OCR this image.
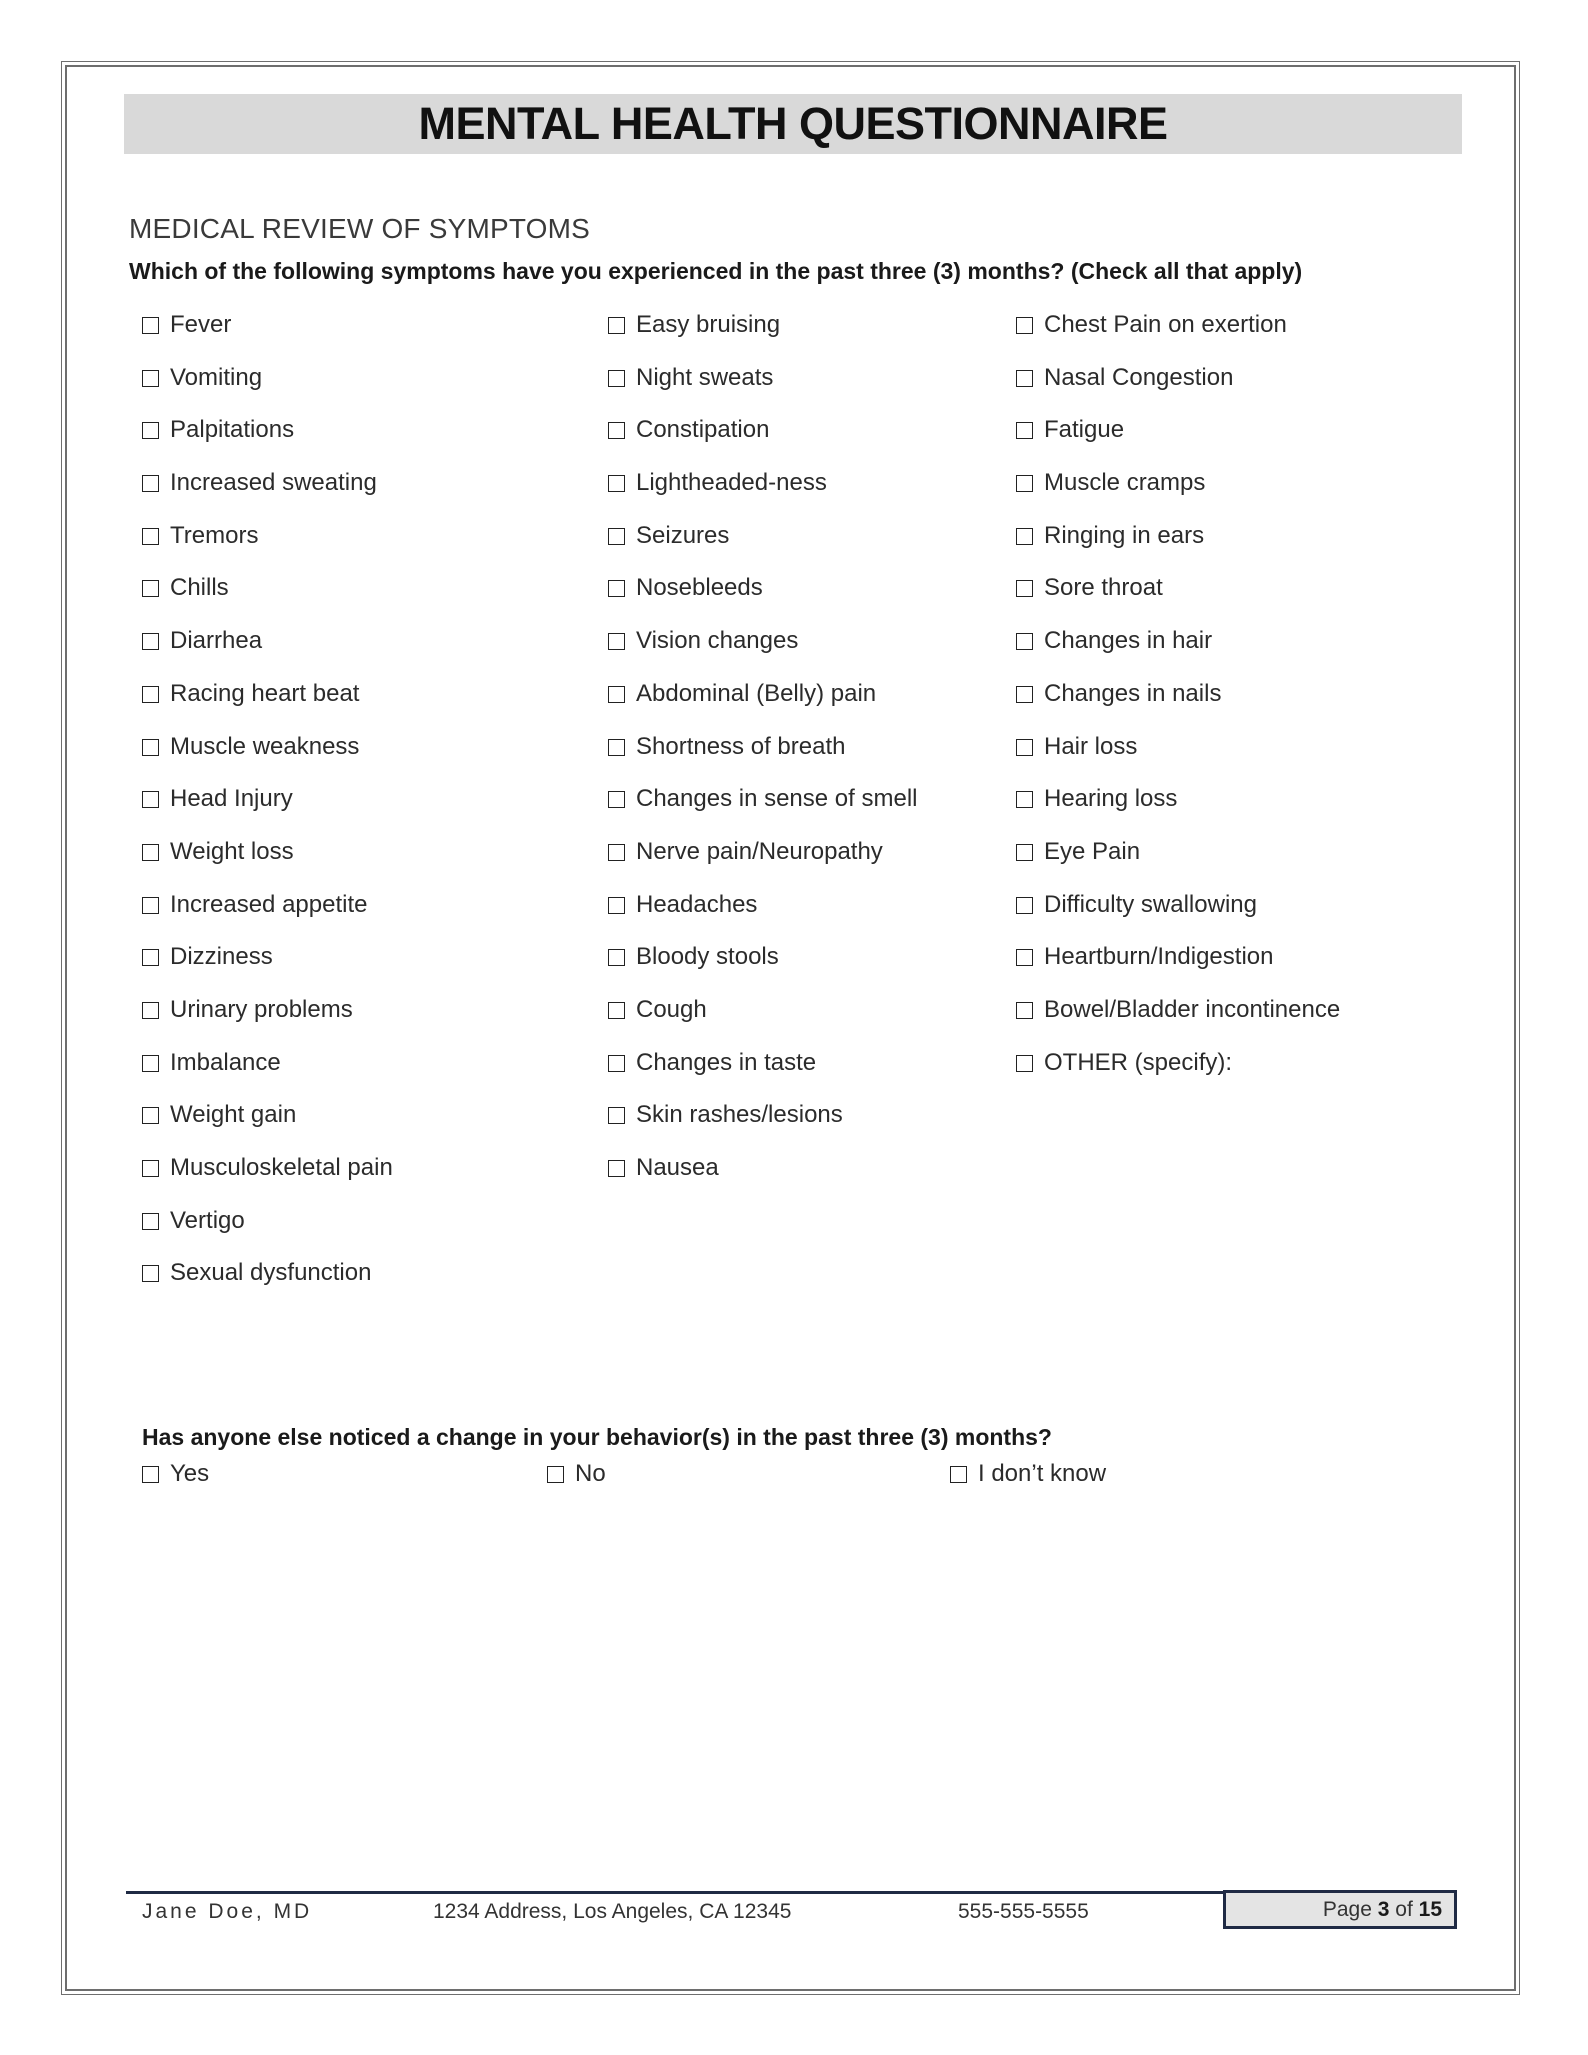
MENTAL HEALTH QUESTIONNAIRE
MEDICAL REVIEW OF SYMPTOMS
Which of the following symptoms have you experienced in the past three (3) months? (Check all that apply)
Fever
Vomiting
Palpitations
Increased sweating
Tremors
Chills
Diarrhea
Racing heart beat
Muscle weakness
Head Injury
Weight loss
Increased appetite
Dizziness
Urinary problems
Imbalance
Weight gain
Musculoskeletal pain
Vertigo
Sexual dysfunction
Easy bruising
Night sweats
Constipation
Lightheaded-ness
Seizures
Nosebleeds
Vision changes
Abdominal (Belly) pain
Shortness of breath
Changes in sense of smell
Nerve pain/Neuropathy
Headaches
Bloody stools
Cough
Changes in taste
Skin rashes/lesions
Nausea
Chest Pain on exertion
Nasal Congestion
Fatigue
Muscle cramps
Ringing in ears
Sore throat
Changes in hair
Changes in nails
Hair loss
Hearing loss
Eye Pain
Difficulty swallowing
Heartburn/Indigestion
Bowel/Bladder incontinence
OTHER (specify):
Has anyone else noticed a change in your behavior(s) in the past three (3) months?
Yes	No	I don’t know
Jane Doe, MD	1234 Address, Los Angeles, CA 12345	555-555-5555	Page
3
of
15
